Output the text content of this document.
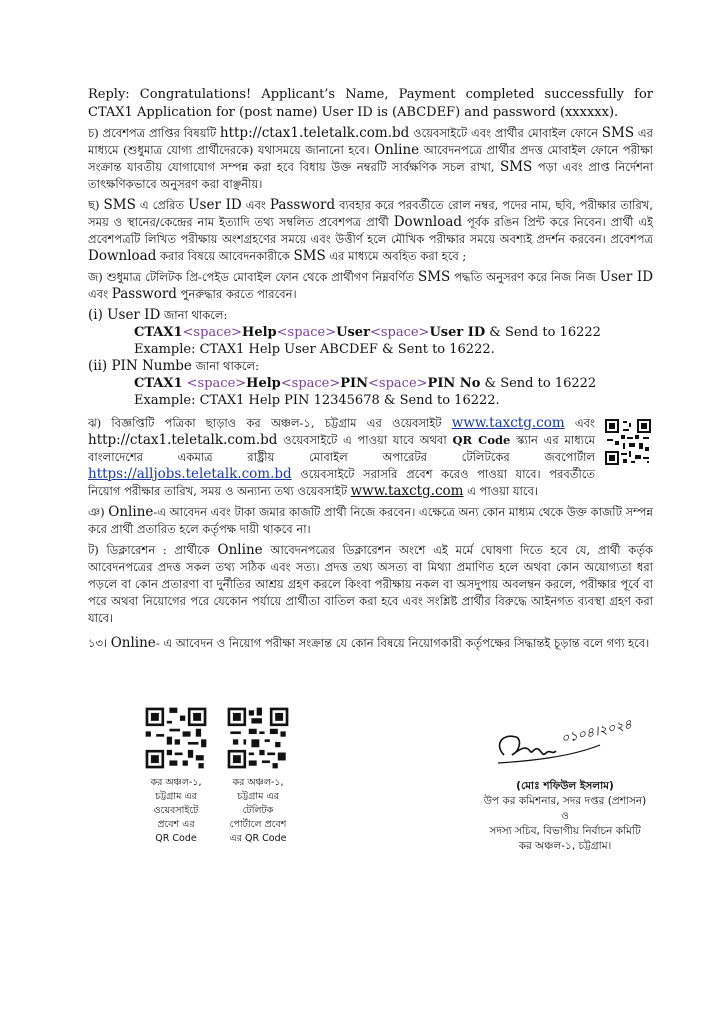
Reply: Congratulations! Applicant’s Name, Payment completed successfully for CTAX1 Application for (post name) User ID is (ABCDEF) and password (xxxxxx).

চ) প্রবেশপত্র প্রাপ্তির বিষয়টি http://ctax1.teletalk.com.bd ওয়েবসাইটে এবং প্রার্থীর মোবাইল ফোনে SMS এর মাধ্যমে (শুধুমাত্র যোগ্য প্রার্থীদেরকে) যথাসময়ে জানানো হবে। Online আবেদনপত্রে প্রার্থীর প্রদত্ত মোবাইল ফোনে পরীক্ষা সংক্রান্ত যাবতীয় যোগাযোগ সম্পন্ন করা হবে বিধায় উক্ত নম্বরটি সার্বক্ষণিক সচল রাখা, SMS পড়া এবং প্রাপ্ত নির্দেশনা তাৎক্ষণিকভাবে অনুসরণ করা বাঞ্ছনীয়।

ছ) SMS এ প্রেরিত User ID এবং Password ব্যবহার করে পরবর্তীতে রোল নম্বর, পদের নাম, ছবি, পরীক্ষার তারিখ, সময় ও স্থানের/কেন্দ্রের নাম ইত্যাদি তথ্য সম্বলিত প্রবেশপত্র প্রার্থী Download পূর্বক রঙিন প্রিন্ট করে নিবেন। প্রার্থী এই প্রবেশপত্রটি লিখিত পরীক্ষায় অংশগ্রহণের সময়ে এবং উত্তীর্ণ হলে মৌখিক পরীক্ষার সময়ে অবশ্যই প্রদর্শন করবেন। প্রবেশপত্র Download করার বিষয়ে আবেদনকারীকে SMS এর মাধ্যমে অবহিত করা হবে ;

জ) শুধুমাত্র টেলিটক প্রি-পেইড মোবাইল ফোন থেকে প্রার্থীগণ নিম্নবর্ণিত SMS পদ্ধতি অনুসরণ করে নিজ নিজ User ID এবং Password পুনরুদ্ধার করতে পারবেন।

(i) User ID জানা থাকলে:
CTAX1<space>Help<space>User<space>User ID & Send to 16222
Example: CTAX1 Help User ABCDEF & Sent to 16222.
(ii) PIN Numbe জানা থাকলে:
CTAX1 <space>Help<space>PIN<space>PIN No & Send to 16222
Example: CTAX1 Help PIN 12345678 & Send to 16222.

ঝ) বিজ্ঞপ্তিটি পত্রিকা ছাড়াও কর অঞ্চল-১, চট্টগ্রাম এর ওয়েবসাইট www.taxctg.com এবং http://ctax1.teletalk.com.bd ওয়েবসাইটে এ পাওয়া যাবে অথবা QR Code স্ক্যান এর মাধ্যমে বাংলাদেশের একমাত্র রাষ্ট্রীয় মোবাইল অপারেটর টেলিটকের জবপোর্টাল https://alljobs.teletalk.com.bd ওয়েবসাইটে সরাসরি প্রবেশ করেও পাওয়া যাবে। পরবর্তীতে নিয়োগ পরীক্ষার তারিখ, সময় ও অন্যান্য তথ্য ওয়েবসাইট www.taxctg.com এ পাওয়া যাবে।

ঞ) Online-এ আবেদন এবং টাকা জমার কাজটি প্রার্থী নিজে করবেন। এক্ষেত্রে অন্য কোন মাধ্যম থেকে উক্ত কাজটি সম্পন্ন করে প্রার্থী প্রতারিত হলে কর্তৃপক্ষ দায়ী থাকবে না।

ট) ডিক্লারেশন : প্রার্থীকে Online আবেদনপত্রের ডিক্লারেশন অংশে এই মর্মে ঘোষণা দিতে হবে যে, প্রার্থী কর্তৃক আবেদনপত্রের প্রদত্ত সকল তথ্য সঠিক এবং সত্য। প্রদত্ত তথ্য অসত্য বা মিথ্যা প্রমাণিত হলে অথবা কোন অযোগ্যতা ধরা পড়লে বা কোন প্রতারণা বা দুর্নীতির আশ্রয় গ্রহণ করলে কিংবা পরীক্ষায় নকল বা অসদুপায় অবলম্বন করলে, পরীক্ষার পূর্বে বা পরে অথবা নিয়োগের পরে যেকোন পর্যায়ে প্রার্থীতা বাতিল করা হবে এবং সংশ্লিষ্ট প্রার্থীর বিরুদ্ধে আইনগত ব্যবস্থা গ্রহণ করা যাবে।

১৩। Online- এ আবেদন ও নিয়োগ পরীক্ষা সংক্রান্ত যে কোন বিষয়ে নিয়োগকারী কর্তৃপক্ষের সিদ্ধান্তই চূড়ান্ত বলে গণ্য হবে।

কর অঞ্চল-১,
চট্টগ্রাম এর
ওয়েবসাইটে
প্রবেশ এর
QR Code
কর অঞ্চল-১,
চট্টগ্রাম এর
টেলিটক
পোর্টালে প্রবেশ
এর QR Code
০১০৪।২০২৪
(মোঃ শফিউল ইসলাম)
উপ কর কমিশনার, সদর দপ্তর (প্রশাসন)
ও
সদস্য সচিব, বিভাগীয় নির্বাচন কমিটি
কর অঞ্চল-১, চট্টগ্রাম।
